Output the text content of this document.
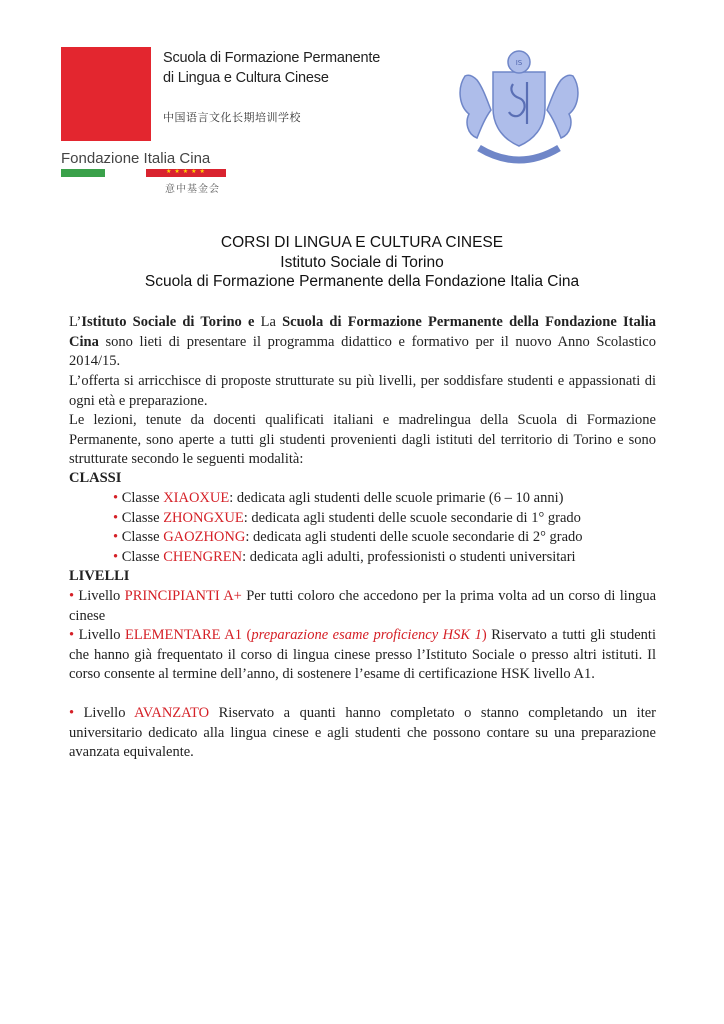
Scuola di Formazione Permanente
di Lingua e Cultura Cinese
中国语言文化长期培训学校
Fondazione Italia Cina
★★★★★
意中基金会
IS
CORSI DI LINGUA E CULTURA CINESE
Istituto Sociale di Torino
Scuola di Formazione Permanente della Fondazione Italia Cina
L’Istituto Sociale di Torino e La Scuola di Formazione Permanente della Fondazione Italia Cina sono lieti di presentare il programma didattico e formativo per il nuovo Anno Scolastico 2014/15.
L’offerta si arricchisce di proposte strutturate su più livelli, per soddisfare studenti e appassionati di ogni età e preparazione.
Le lezioni, tenute da docenti qualificati italiani e madrelingua della Scuola di Formazione Permanente, sono aperte a tutti gli studenti provenienti dagli istituti del territorio di Torino e sono strutturate secondo le seguenti modalità:
CLASSI
• Classe XIAOXUE: dedicata agli studenti delle scuole primarie (6 – 10 anni)
• Classe ZHONGXUE: dedicata agli studenti delle scuole secondarie di 1° grado
• Classe GAOZHONG: dedicata agli studenti delle scuole secondarie di 2° grado
• Classe CHENGREN: dedicata agli adulti, professionisti o studenti universitari
LIVELLI
• Livello PRINCIPIANTI A+ Per tutti coloro che accedono per la prima volta ad un corso di lingua cinese
• Livello ELEMENTARE A1 (preparazione esame proficiency HSK 1) Riservato a tutti gli studenti che hanno già frequentato il corso di lingua cinese presso l’Istituto Sociale o presso altri istituti. Il corso consente al termine dell’anno, di sostenere l’esame di certificazione HSK livello A1.
• Livello AVANZATO Riservato a quanti hanno completato o stanno completando un iter universitario dedicato alla lingua cinese e agli studenti che possono contare su una preparazione avanzata equivalente.
